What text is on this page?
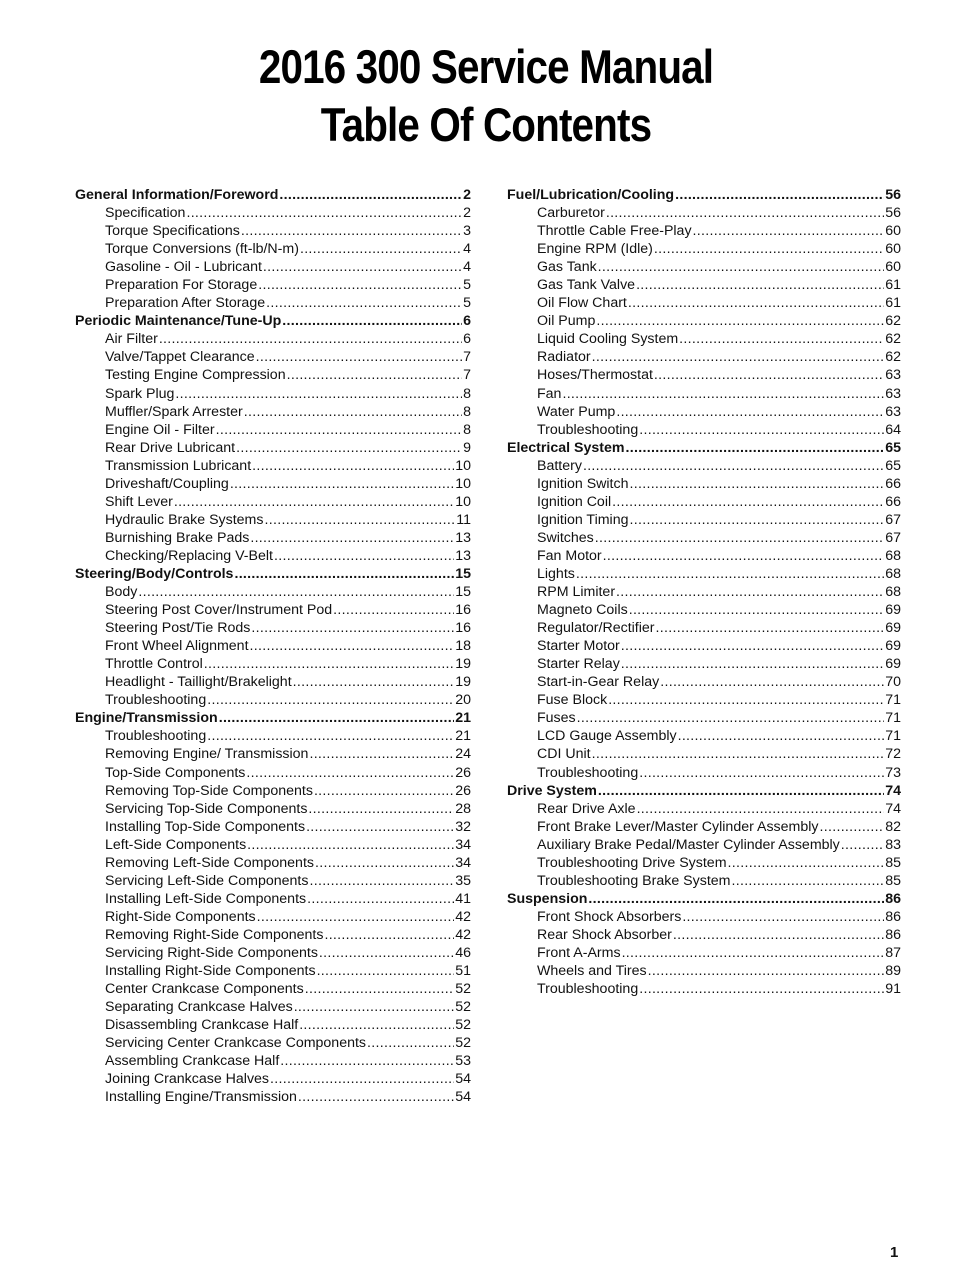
2016 300 Service Manual
Table Of Contents
General Information/Foreword .....	2
Specification .....	2
Torque Specifications .....	3
Torque Conversions (ft-lb/N-m) .....	4
Gasoline - Oil - Lubricant .....	4
Preparation For Storage .....	5
Preparation After Storage .....	5
Periodic Maintenance/Tune-Up .....	6
Air Filter .....	6
Valve/Tappet Clearance .....	7
Testing Engine Compression .....	7
Spark Plug .....	8
Muffler/Spark Arrester .....	8
Engine Oil - Filter .....	8
Rear Drive Lubricant .....	9
Transmission Lubricant .....	10
Driveshaft/Coupling .....	10
Shift Lever .....	10
Hydraulic Brake Systems .....	11
Burnishing Brake Pads .....	13
Checking/Replacing V-Belt .....	13
Steering/Body/Controls .....	15
Body .....	15
Steering Post Cover/Instrument Pod .....	16
Steering Post/Tie Rods .....	16
Front Wheel Alignment .....	18
Throttle Control .....	19
Headlight - Taillight/Brakelight .....	19
Troubleshooting .....	20
Engine/Transmission .....	21
Troubleshooting .....	21
Removing Engine/ Transmission .....	24
Top-Side Components .....	26
Removing Top-Side Components .....	26
Servicing Top-Side Components .....	28
Installing Top-Side Components .....	32
Left-Side Components .....	34
Removing Left-Side Components .....	34
Servicing Left-Side Components .....	35
Installing Left-Side Components .....	41
Right-Side Components .....	42
Removing Right-Side Components .....	42
Servicing Right-Side Components .....	46
Installing Right-Side Components .....	51
Center Crankcase Components .....	52
Separating Crankcase Halves .....	52
Disassembling Crankcase Half .....	52
Servicing Center Crankcase Components .....	52
Assembling Crankcase Half .....	53
Joining Crankcase Halves .....	54
Installing Engine/Transmission .....	54
Fuel/Lubrication/Cooling .....	56
Carburetor .....	56
Throttle Cable Free-Play .....	60
Engine RPM (Idle) .....	60
Gas Tank .....	60
Gas Tank Valve .....	61
Oil Flow Chart .....	61
Oil Pump .....	62
Liquid Cooling System .....	62
Radiator .....	62
Hoses/Thermostat .....	63
Fan .....	63
Water Pump .....	63
Troubleshooting .....	64
Electrical System .....	65
Battery .....	65
Ignition Switch .....	66
Ignition Coil .....	66
Ignition Timing .....	67
Switches .....	67
Fan Motor .....	68
Lights .....	68
RPM Limiter .....	68
Magneto Coils .....	69
Regulator/Rectifier .....	69
Starter Motor .....	69
Starter Relay .....	69
Start-in-Gear Relay .....	70
Fuse Block .....	71
Fuses .....	71
LCD Gauge Assembly .....	71
CDI Unit .....	72
Troubleshooting .....	73
Drive System .....	74
Rear Drive Axle .....	74
Front Brake Lever/Master Cylinder Assembly .....	82
Auxiliary Brake Pedal/Master Cylinder Assembly .....	83
Troubleshooting Drive System .....	85
Troubleshooting Brake System .....	85
Suspension .....	86
Front Shock Absorbers .....	86
Rear Shock Absorber .....	86
Front A-Arms .....	87
Wheels and Tires .....	89
Troubleshooting .....	91
1
